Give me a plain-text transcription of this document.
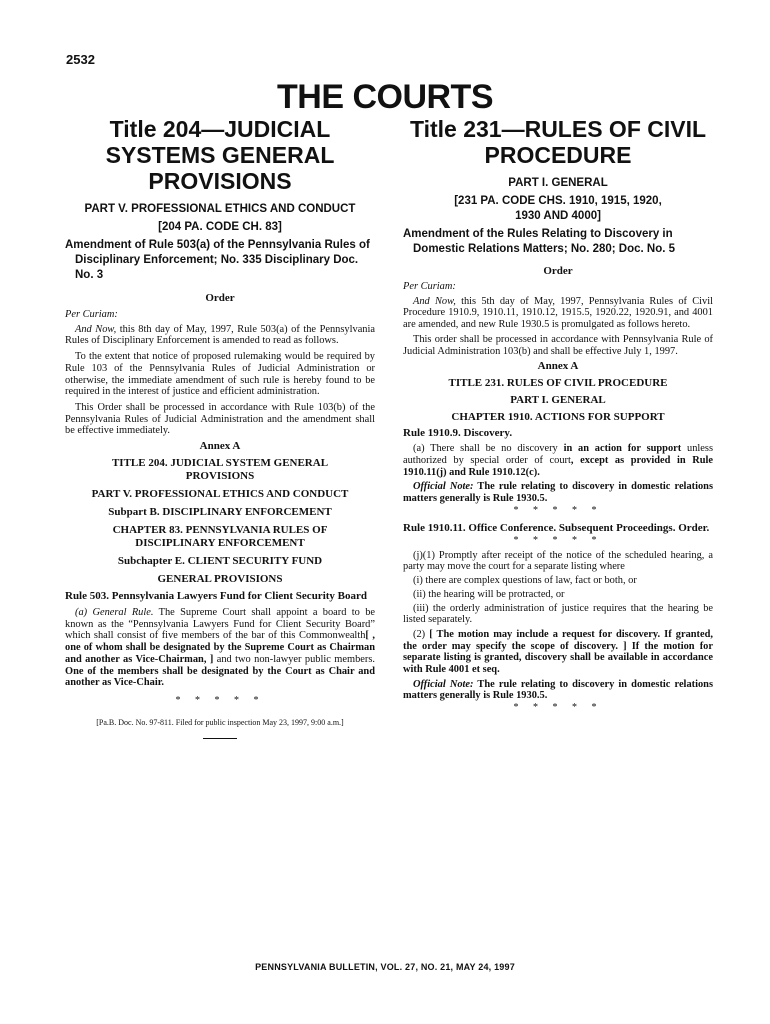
2532
THE COURTS
Title 204—JUDICIAL SYSTEMS GENERAL PROVISIONS

PART V. PROFESSIONAL ETHICS AND CONDUCT

[204 PA. CODE CH. 83]

Amendment of Rule 503(a) of the Pennsylvania Rules of Disciplinary Enforcement; No. 335 Disciplinary Doc. No. 3

Order

Per Curiam:

And Now, this 8th day of May, 1997, Rule 503(a) of the Pennsylvania Rules of Disciplinary Enforcement is amended to read as follows.

To the extent that notice of proposed rulemaking would be required by Rule 103 of the Pennsylvania Rules of Judicial Administration or otherwise, the immediate amendment of such rule is hereby found to be required in the interest of justice and efficient administration.

This Order shall be processed in accordance with Rule 103(b) of the Pennsylvania Rules of Judicial Administration and the amendment shall be effective immediately.

Annex A

TITLE 204. JUDICIAL SYSTEM GENERAL PROVISIONS

PART V. PROFESSIONAL ETHICS AND CONDUCT

Subpart B. DISCIPLINARY ENFORCEMENT

CHAPTER 83. PENNSYLVANIA RULES OF DISCIPLINARY ENFORCEMENT

Subchapter E. CLIENT SECURITY FUND

GENERAL PROVISIONS

Rule 503. Pennsylvania Lawyers Fund for Client Security Board

(a) General Rule. The Supreme Court shall appoint a board to be known as the “Pennsylvania Lawyers Fund for Client Security Board” which shall consist of five members of the bar of this Commonwealth[ , one of whom shall be designated by the Supreme Court as Chairman and another as Vice-Chairman, ] and two non-lawyer public members. One of the members shall be designated by the Court as Chair and another as Vice-Chair.

* * * * *

[Pa.B. Doc. No. 97-811. Filed for public inspection May 23, 1997, 9:00 a.m.]

Title 231—RULES OF CIVIL PROCEDURE

PART I. GENERAL

[231 PA. CODE CHS. 1910, 1915, 1920, 1930 AND 4000]

Amendment of the Rules Relating to Discovery in Domestic Relations Matters; No. 280; Doc. No. 5

Order

Per Curiam:

And Now, this 5th day of May, 1997, Pennsylvania Rules of Civil Procedure 1910.9, 1910.11, 1910.12, 1915.5, 1920.22, 1920.91, and 4001 are amended, and new Rule 1930.5 is promulgated as follows hereto.

This order shall be processed in accordance with Pennsylvania Rule of Judicial Administration 103(b) and shall be effective July 1, 1997.

Annex A

TITLE 231. RULES OF CIVIL PROCEDURE

PART I. GENERAL

CHAPTER 1910. ACTIONS FOR SUPPORT

Rule 1910.9. Discovery.

(a) There shall be no discovery in an action for support unless authorized by special order of court, except as provided in Rule 1910.11(j) and Rule 1910.12(c).

Official Note: The rule relating to discovery in domestic relations matters generally is Rule 1930.5.

* * * * *

Rule 1910.11. Office Conference. Subsequent Proceedings. Order.

* * * * *

(j)(1) Promptly after receipt of the notice of the scheduled hearing, a party may move the court for a separate listing where

(i) there are complex questions of law, fact or both, or

(ii) the hearing will be protracted, or

(iii) the orderly administration of justice requires that the hearing be listed separately.

(2) [ The motion may include a request for discovery. If granted, the order may specify the scope of discovery. ] If the motion for separate listing is granted, discovery shall be available in accordance with Rule 4001 et seq.

Official Note: The rule relating to discovery in domestic relations matters generally is Rule 1930.5.

* * * * *

PENNSYLVANIA BULLETIN, VOL. 27, NO. 21, MAY 24, 1997
